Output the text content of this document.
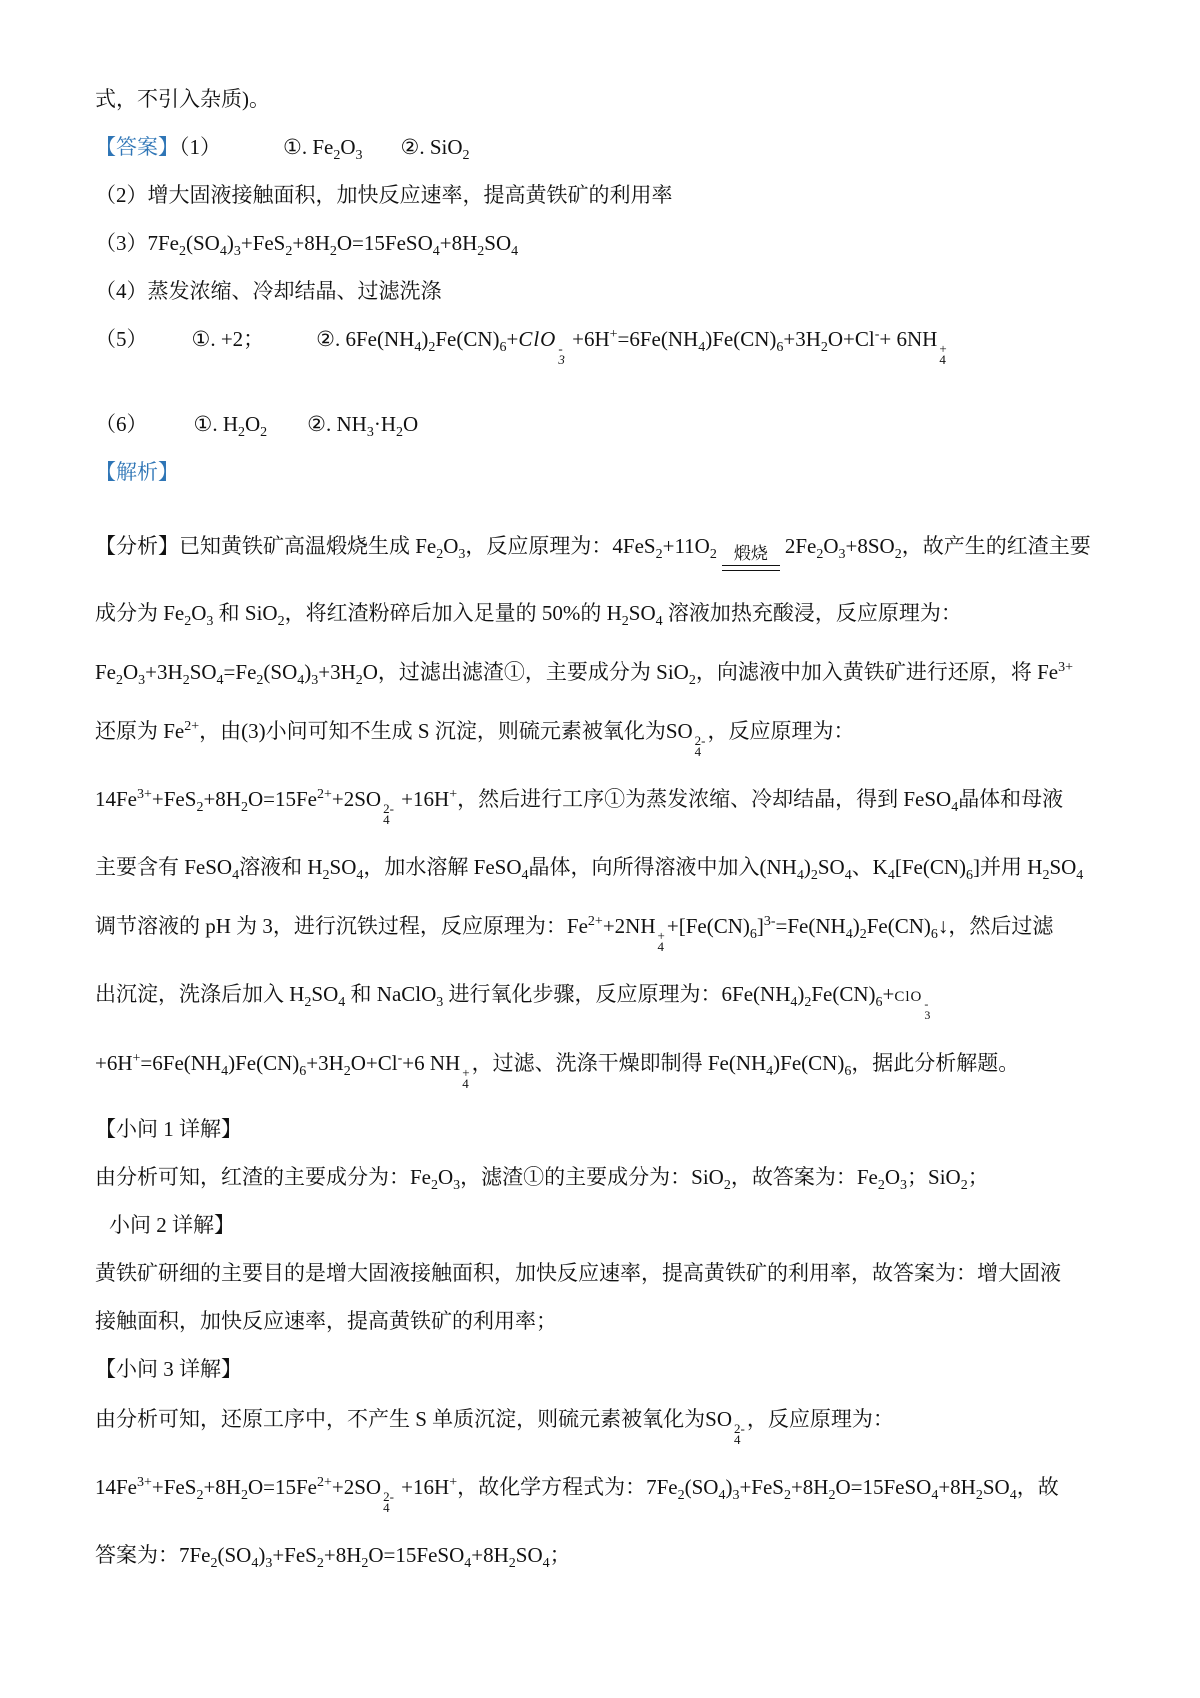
式，不引入杂质)。
【答案】（1）	①. $Fe_2O_3$ ②. SiO$_2$
（2）增大固液接触面积，加快反应速率，提高黄铁矿的利用率
$(3)7Fe_2(SO_4)_3+FeS_2+8H_2O=15FeSO_4+8H_2SO_4$
（4）蒸发浓缩、冷却结晶、过滤洗涤
（5） ①. +2； ②. $6Fe(NH_4)_2Fe(CN)_6+ClO$ -
3
$+6H^+=6Fe(NH_4)Fe(CN)_6+3H_2O+Cl^-+ 6NH$ +
4
（6） ①. $H_2O_2$ ②. $NH_3\cdot H_2O$
【解析】
【分析】已知黄铁矿高温煅烧生成 $Fe_2O_3$，反应原理为：$4FeS_2+11O_2$ 煅烧 $2Fe_2O_3+8SO_2$，故产生的红渣主要
成分为 $Fe_2O_3$ 和 SiO$_2$，将红渣粉碎后加入足量的 50%的 $H_2SO_4$ 溶液加热充酸浸，反应原理为：
$Fe_2O_3+3H_2SO_4=Fe_2(SO_4)_3+3H_2O$，过滤出滤渣①，主要成分为 SiO$_2$，向滤液中加入黄铁矿进行还原，将 $Fe^{3+}$
还原为 $Fe^{2+}$，由(3)小问可知不生成 S 沉淀，则硫元素被氧化为SO 2-
4
，反应原理为：
$14Fe^{3+}+FeS_2+8H_2O=15Fe^{2+}+2SO$ 2-
4
+16H+，然后进行工序①为蒸发浓缩、冷却结晶，得到 FeSO$_4$晶体和母液
主要含有 FeSO$_4$溶液和 $H_2SO_4$，加水溶解 FeSO$_4$晶体，向所得溶液中加入$(NH_4)_2SO_4$、$K_4[Fe(CN)_6]$并用 $H_2SO_4$
调节溶液的 pH 为 3，进行沉铁过程，反应原理为：$Fe^{2+}+2NH$ +
4
$+[Fe(CN)_6]^{3-}=Fe(NH_4)_2Fe(CN)_6↓$，然后过滤
出沉淀，洗涤后加入 $H_2SO_4$ 和 NaClO$_3$ 进行氧化步骤，反应原理为：$6Fe(NH_4)_2Fe(CN)_6+ClO$ -
3
$+6H^+=6Fe(NH_4)Fe(CN)_6+3H_2O+Cl^-+6$ NH +
4
，过滤、洗涤干燥即制得 $Fe(NH_4)Fe(CN)_6$，据此分析解题。
【小问 1 详解】
由分析可知，红渣的主要成分为：$Fe_2O_3$，滤渣①的主要成分为：SiO$_2$，故答案为：$Fe_2O_3$；SiO$_2$；
小问 2 详解】
黄铁矿研细的主要目的是增大固液接触面积，加快反应速率，提高黄铁矿的利用率，故答案为：增大固液
接触面积，加快反应速率，提高黄铁矿的利用率；
【小问 3 详解】
由分析可知，还原工序中，不产生 S 单质沉淀，则硫元素被氧化为SO 2-
4
，反应原理为：
$14Fe^{3+}+FeS_2+8H_2O=15Fe^{2+}+2SO$ 2-
4
+16H+，故化学方程式为：$7Fe_2(SO_4)_3+FeS_2+8H_2O=15FeSO_4+8H_2SO_4$，故
答案为：$7Fe_2(SO_4)_3+FeS_2+8H_2O=15FeSO_4+8H_2SO_4$；
